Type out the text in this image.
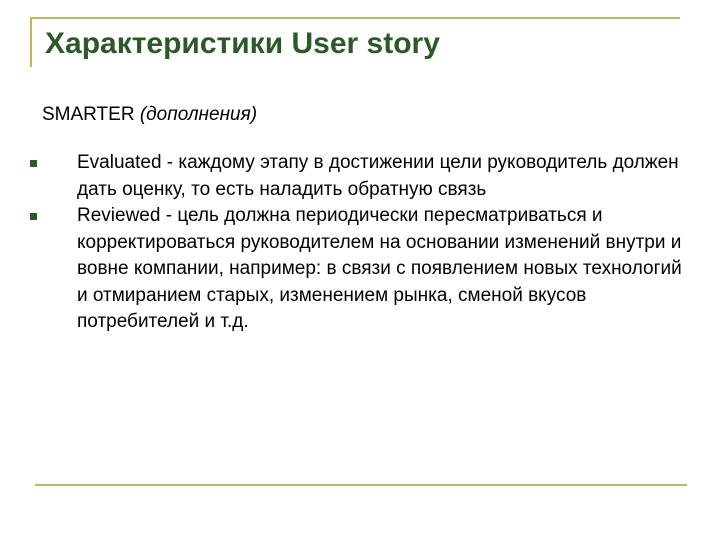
Характеристики User story
SMARTER (дополнения)
Evaluated - каждому этапу в достижении цели руководитель должен дать оценку, то есть наладить обратную связь
Reviewed - цель должна периодически пересматриваться и корректироваться руководителем на основании изменений внутри и вовне компании, например: в связи с появлением новых технологий и отмиранием старых, изменением рынка, сменой вкусов потребителей и т.д.
